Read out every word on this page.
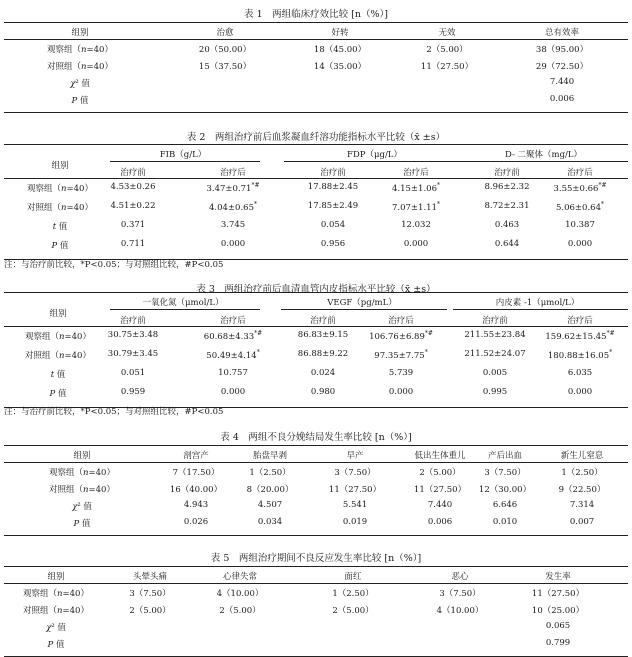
表 1　两组临床疗效比较 [n（%）]
组别	治愈	好转	无效	总有效率
观察组（n=40）	20（50.00）	18（45.00）	2（5.00）	38（95.00）
对照组（n=40）	15（37.50）	14（35.00）	11（27.50）	29（72.50）
χ² 值	7.440
P 值	0.006
表 2　两组治疗前后血浆凝血纤溶功能指标水平比较（x̄ ±s）
组别
FIB（g/L）	FDP（μg/L）	D- 二聚体（mg/L）
治疗前	治疗后	治疗前	治疗后	治疗前	治疗后
观察组（n=40） 4.53±0.26	3.47±0.71*#	17.88±2.45	4.15±1.06*	8.96±2.32	3.55±0.66*#
对照组（n=40） 4.51±0.22	4.04±0.65*	17.85±2.49	7.07±1.11*	8.72±2.31	5.06±0.64*
t 值	0.371	3.745	0.054	12.032	0.463	10.387
P 值	0.711	0.000	0.956	0.000	0.644	0.000
注：与治疗前比较，*P<0.05；与对照组比较，#P<0.05
表 3　两组治疗前后血清血管内皮指标水平比较（x̄ ±s）
组别
一氧化氮（μmol/L）	VEGF（pg/mL）	内皮素 -1（μmol/L）
治疗前	治疗后	治疗前	治疗后	治疗前	治疗后
观察组（n=40） 30.75±3.48	60.68±4.33*#	86.83±9.15 106.76±6.89*#	211.55±23.84 159.62±15.45*#
对照组（n=40） 30.79±3.45	50.49±4.14*	86.88±9.22	97.35±7.75*	211.52±24.07	180.88±16.05*
t 值	0.051	10.757	0.024	5.739	0.005	6.035
P 值	0.959	0.000	0.980	0.000	0.995	0.000
注：与治疗前比较，*P<0.05；与对照组比较，#P<0.05
表 4　两组不良分娩结局发生率比较 [n（%）]
组别	剖宫产	胎盘早剥	早产	低出生体重儿	产后出血	新生儿窒息
观察组（n=40）	7（17.50）	1（2.50）	3（7.50）	2（5.00）	3（7.50）	1（2.50）
对照组（n=40）	16（40.00）	8（20.00）	11（27.50）	11（27.50） 12（30.00）	9（22.50）
χ² 值	4.943	4.507	5.541	7.440	6.646	7.314
P 值	0.026	0.034	0.019	0.006	0.010	0.007
表 5　两组治疗期间不良反应发生率比较 [n（%）]
组别	头晕头痛	心律失常	面红	恶心	发生率
观察组（n=40）	3（7.50）	4（10.00）	1（2.50）	3（7.50）	11（27.50）
对照组（n=40）	2（5.00）	2（5.00）	2（5.00）	4（10.00）	10（25.00）
χ² 值	0.065
P 值	0.799
